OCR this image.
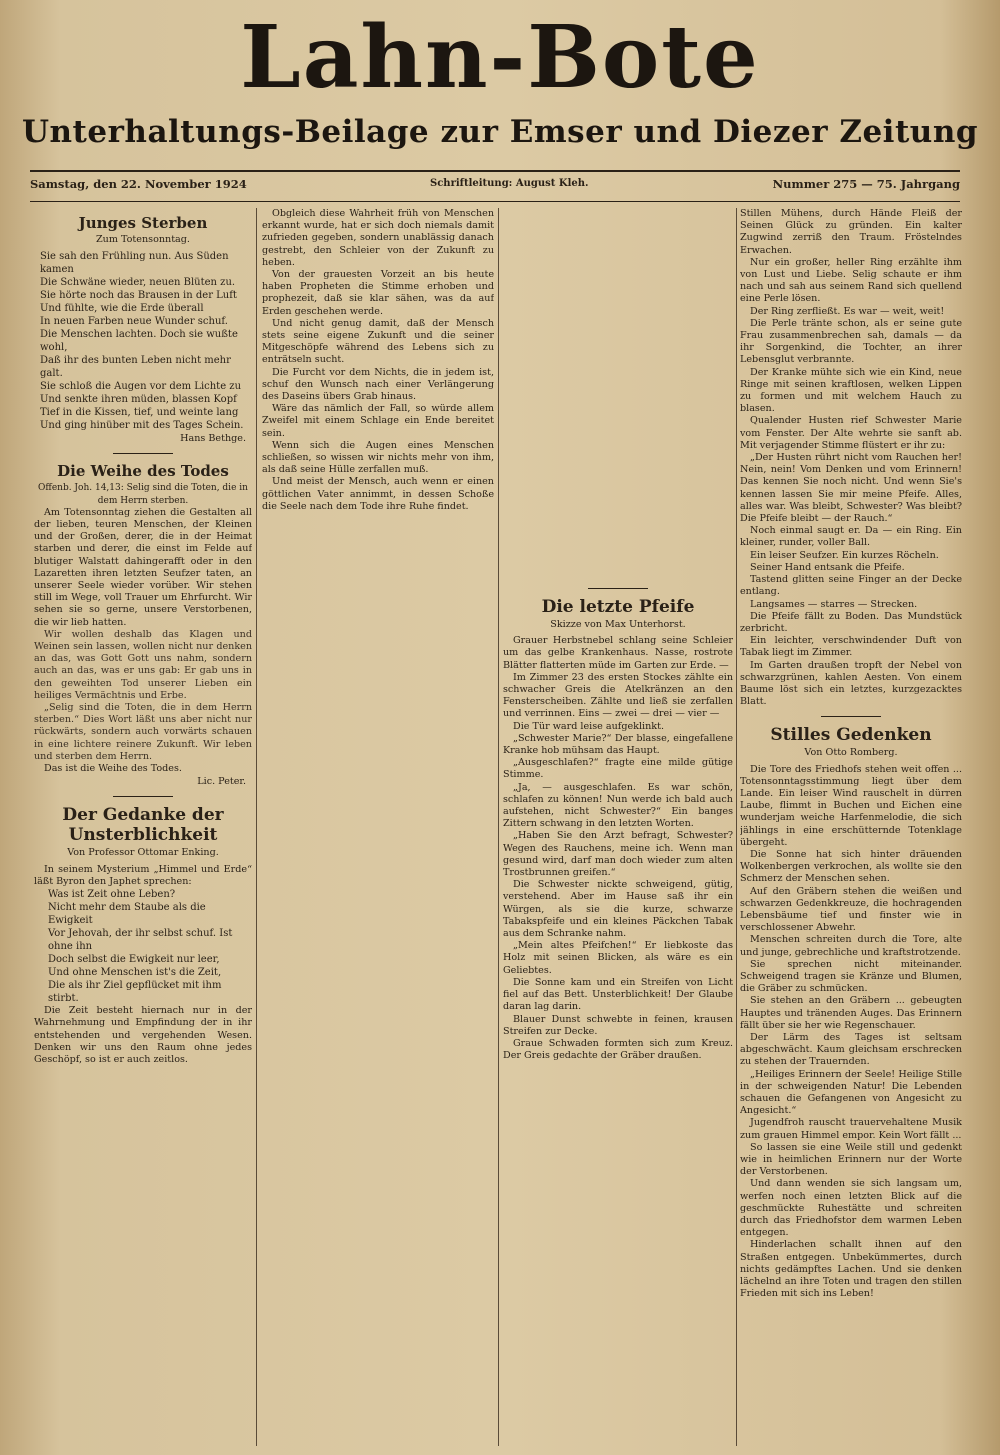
Lahn-Bote
Unterhaltungs-Beilage zur Emser und Diezer Zeitung
Samstag, den 22. November 1924	Schriftleitung: August Kleh.	Nummer 275 — 75. Jahrgang
Junges Sterben
Zum Totensonntag.
Sie sah den Frühling nun. Aus Süden kamen
Die Schwäne wieder, neuen Blüten zu.
Sie hörte noch das Brausen in der Luft
Und fühlte, wie die Erde überall
In neuen Farben neue Wunder schuf.
Die Menschen lachten. Doch sie wußte wohl,
Daß ihr des bunten Leben nicht mehr galt.
Sie schloß die Augen vor dem Lichte zu
Und senkte ihren müden, blassen Kopf
Tief in die Kissen, tief, und weinte lang
Und ging hinüber mit des Tages Schein.
Hans Bethge.
Die Weihe des Todes

Offenb. Joh. 14,13: Selig sind die Toten, die in dem Herrn sterben.

Am Totensonntag ziehen die Gestalten all der lieben, teuren Menschen, der Kleinen und der Großen, derer, die in der Heimat starben und derer, die einst im Felde auf blutiger Walstatt dahingerafft oder in den Lazaretten ihren letzten Seufzer taten, an unserer Seele wieder vorüber. Wir stehen still im Wege, voll Trauer um Ehrfurcht. Wir sehen sie so gerne, unsere Verstorbenen, die wir lieb hatten.

Wir wollen deshalb das Klagen und Weinen sein lassen, wollen nicht nur denken an das, was Gott Gott uns nahm, sondern auch an das, was er uns gab: Er gab uns in den geweihten Tod unserer Lieben ein heiliges Vermächtnis und Erbe.

„Selig sind die Toten, die in dem Herrn sterben.“ Dies Wort läßt uns aber nicht nur rückwärts, sondern auch vorwärts schauen in eine lichtere reinere Zukunft. Wir leben und sterben dem Herrn.

Das ist die Weihe des Todes.

Lic. Peter.
Der Gedanke der Unsterblichkeit
Von Professor Ottomar Enking.

In seinem Mysterium „Himmel und Erde“ läßt Byron den Japhet sprechen:

Was ist Zeit ohne Leben?
Nicht mehr dem Staube als die Ewigkeit
Vor Jehovah, der ihr selbst schuf. Ist ohne ihn
Doch selbst die Ewigkeit nur leer,
Und ohne Menschen ist's die Zeit,
Die als ihr Ziel gepflücket mit ihm stirbt.

Die Zeit besteht hiernach nur in der Wahrnehmung und Empfindung der in ihr entstehenden und vergehenden Wesen. Denken wir uns den Raum ohne jedes Geschöpf, so ist er auch zeitlos.

Obgleich diese Wahrheit früh von Menschen erkannt wurde, hat er sich doch niemals damit zufrieden gegeben, sondern unablässig danach gestrebt, den Schleier von der Zukunft zu heben.

Von der grauesten Vorzeit an bis heute haben Propheten die Stimme erhoben und prophezeit, daß sie klar sähen, was da auf Erden geschehen werde.

Und nicht genug damit, daß der Mensch stets seine eigene Zukunft und die seiner Mitgeschöpfe während des Lebens sich zu enträtseln sucht.

Die Furcht vor dem Nichts, die in jedem ist, schuf den Wunsch nach einer Verlängerung des Daseins übers Grab hinaus.

Wäre das nämlich der Fall, so würde allem Zweifel mit einem Schlage ein Ende bereitet sein.

Wenn sich die Augen eines Menschen schließen, so wissen wir nichts mehr von ihm, als daß seine Hülle zerfallen muß.

Und meist der Mensch, auch wenn er einen göttlichen Vater annimmt, in dessen Schoße die Seele nach dem Tode ihre Ruhe findet.

Die letzte Pfeife
Skizze von Max Unterhorst.

Grauer Herbstnebel schlang seine Schleier um das gelbe Krankenhaus. Nasse, rostrote Blätter flatterten müde im Garten zur Erde. —

Im Zimmer 23 des ersten Stockes zählte ein schwacher Greis die Atelkränzen an den Fensterscheiben. Zählte und ließ sie zerfallen und verrinnen. Eins — zwei — drei — vier —

Die Tür ward leise aufgeklinkt.

„Schwester Marie?“ Der blasse, eingefallene Kranke hob mühsam das Haupt.

„Ausgeschlafen?“ fragte eine milde gütige Stimme.

„Ja, — ausgeschlafen. Es war schön, schlafen zu können! Nun werde ich bald auch aufstehen, nicht Schwester?“ Ein banges Zittern schwang in den letzten Worten.

„Haben Sie den Arzt befragt, Schwester? Wegen des Rauchens, meine ich. Wenn man gesund wird, darf man doch wieder zum alten Trostbrunnen greifen.“

Die Schwester nickte schweigend, gütig, verstehend. Aber im Hause saß ihr ein Würgen, als sie die kurze, schwarze Tabakspfeife und ein kleines Päckchen Tabak aus dem Schranke nahm.

„Mein altes Pfeifchen!“ Er liebkoste das Holz mit seinen Blicken, als wäre es ein Geliebtes.

Die Sonne kam und ein Streifen von Licht fiel auf das Bett. Unsterblichkeit! Der Glaube daran lag darin.

Blauer Dunst schwebte in feinen, krausen Streifen zur Decke.

Graue Schwaden formten sich zum Kreuz. Der Greis gedachte der Gräber draußen.

Stillen Mühens, durch Hände Fleiß der Seinen Glück zu gründen. Ein kalter Zugwind zerriß den Traum. Fröstelndes Erwachen.

Nur ein großer, heller Ring erzählte ihm von Lust und Liebe. Selig schaute er ihm nach und sah aus seinem Rand sich quellend eine Perle lösen.

Der Ring zerfließt. Es war — weit, weit!

Die Perle tränte schon, als er seine gute Frau zusammenbrechen sah, damals — da ihr Sorgenkind, die Tochter, an ihrer Lebensglut verbrannte.

Der Kranke mühte sich wie ein Kind, neue Ringe mit seinen kraftlosen, welken Lippen zu formen und mit welchem Hauch zu blasen.

Qualender Husten rief Schwester Marie vom Fenster. Der Alte wehrte sie sanft ab. Mit verjagender Stimme flüstert er ihr zu:

„Der Husten rührt nicht vom Rauchen her! Nein, nein! Vom Denken und vom Erinnern! Das kennen Sie noch nicht. Und wenn Sie's kennen lassen Sie mir meine Pfeife. Alles, alles war. Was bleibt, Schwester? Was bleibt? Die Pfeife bleibt — der Rauch.“

Noch einmal saugt er. Da — ein Ring. Ein kleiner, runder, voller Ball.

Ein leiser Seufzer. Ein kurzes Röcheln.

Seiner Hand entsank die Pfeife.

Tastend glitten seine Finger an der Decke entlang.

Langsames — starres — Strecken.

Die Pfeife fällt zu Boden. Das Mundstück zerbricht.

Ein leichter, verschwindender Duft von Tabak liegt im Zimmer.

Im Garten draußen tropft der Nebel von schwarzgrünen, kahlen Aesten. Von einem Baume löst sich ein letztes, kurzgezacktes Blatt.

Stilles Gedenken
Von Otto Romberg.

Die Tore des Friedhofs stehen weit offen ... Totensonntagsstimmung liegt über dem Lande. Ein leiser Wind rauschelt in dürren Laube, flimmt in Buchen und Eichen eine wunderjam weiche Harfenmelodie, die sich jählings in eine erschütternde Totenklage übergeht.

Die Sonne hat sich hinter dräuenden Wolkenbergen verkrochen, als wollte sie den Schmerz der Menschen sehen.

Auf den Gräbern stehen die weißen und schwarzen Gedenkkreuze, die hochragenden Lebensbäume tief und finster wie in verschlossener Abwehr.

Menschen schreiten durch die Tore, alte und junge, gebrechliche und kraftstrotzende.

Sie sprechen nicht miteinander. Schweigend tragen sie Kränze und Blumen, die Gräber zu schmücken.

Sie stehen an den Gräbern ... gebeugten Hauptes und tränenden Auges. Das Erinnern fällt über sie her wie Regenschauer.

Der Lärm des Tages ist seltsam abgeschwächt. Kaum gleichsam erschrecken zu stehen der Trauernden.

„Heiliges Erinnern der Seele! Heilige Stille in der schweigenden Natur! Die Lebenden schauen die Gefangenen von Angesicht zu Angesicht.“

Jugendfroh rauscht trauervehaltene Musik zum grauen Himmel empor. Kein Wort fällt ...

So lassen sie eine Weile still und gedenkt wie in heimlichen Erinnern nur der Worte der Verstorbenen.

Und dann wenden sie sich langsam um, werfen noch einen letzten Blick auf die geschmückte Ruhestätte und schreiten durch das Friedhofstor dem warmen Leben entgegen.

Hinderlachen schallt ihnen auf den Straßen entgegen. Unbekümmertes, durch nichts gedämpftes Lachen. Und sie denken lächelnd an ihre Toten und tragen den stillen Frieden mit sich ins Leben!
